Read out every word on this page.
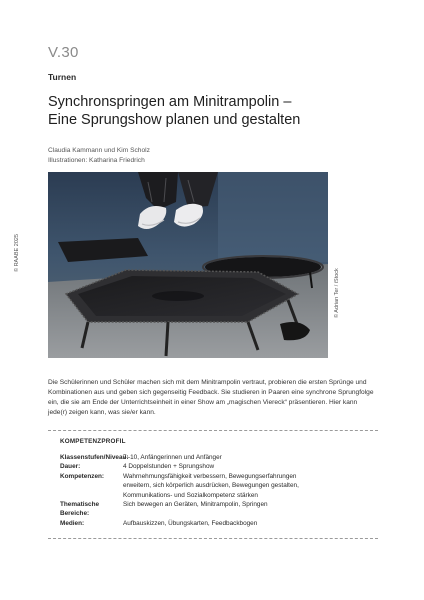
V.30
Turnen
Synchronspringen am Minitrampolin –
Eine Sprungshow planen und gestalten
Claudia Kammann und Kim Scholz
Illustrationen: Katharina Friedrich
© RAABE 2025
© Adrian Ter / iStock

Die Schülerinnen und Schüler machen sich mit dem Minitrampolin vertraut, probieren die ersten Sprünge und Kombinationen aus und geben sich gegenseitig Feedback. Sie studieren in Paaren eine synchrone Sprungfolge ein, die sie am Ende der Unterrichtseinheit in einer Show am „magischen Viereck“ präsentieren. Hier kann jede(r) zeigen kann, was sie/er kann.

KOMPETENZPROFIL
Klassenstufen/Niveau:
7–10, Anfängerinnen und Anfänger
Dauer:	4 Doppelstunden + Sprungshow
Kompetenzen:	Wahrnehmungsfähigkeit verbessern, Bewegungserfahrungen
erweitern, sich körperlich ausdrücken, Bewegungen gestalten,
Kommunikations- und Sozialkompetenz stärken
Thematische Bereiche:
Sich bewegen an Geräten, Minitrampolin, Springen
Medien:	Aufbauskizzen, Übungskarten, Feedbackbogen
